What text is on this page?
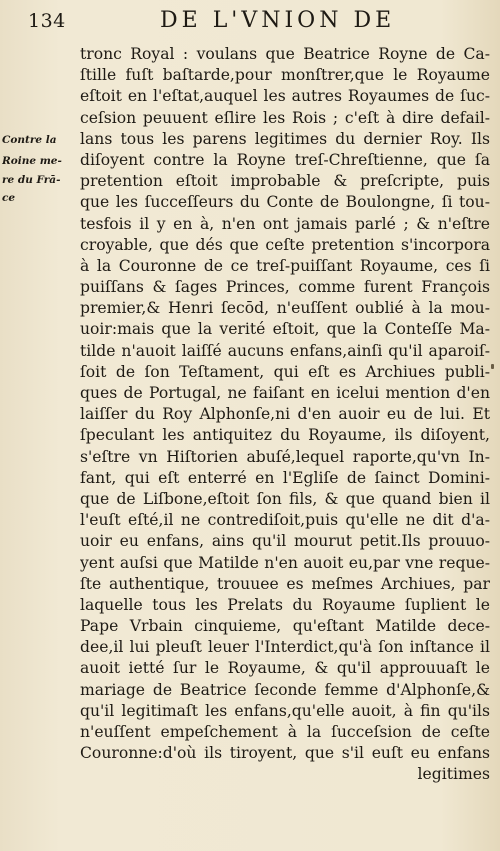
134	DE L'VNION DE
Contre la
Roine me-
re du Frā-
ce
tronc Royal : voulans que Beatrice Royne de Ca-
ſtille fuſt baſtarde,pour monſtrer,que le Royaume
eſtoit en l'eſtat,auquel les autres Royaumes de ſuc-
ceſsion peuuent eſlire les Rois ; c'eſt à dire defail-
lans tous les parens legitimes du dernier Roy. Ils
diſoyent contre la Royne treſ-Chreſtienne, que ſa
pretention eſtoit improbable & preſcripte, puis
que les ſucceſſeurs du Conte de Boulongne, ſi tou-
tesfois il y en à, n'en ont jamais parlé ; & n'eſtre
croyable, que dés que ceſte pretention s'incorpora
à la Couronne de ce treſ-puiſſant Royaume, ces ſi
puiſſans & ſages Princes, comme furent François
premier,& Henri ſecōd, n'euſſent oublié à la mou-
uoir:mais que la verité eſtoit, que la Conteſſe Ma-
tilde n'auoit laiſſé aucuns enfans,ainſi qu'il aparoiſ-
ſoit de ſon Teſtament, qui eſt es Archiues publi-
ques de Portugal, ne faiſant en icelui mention d'en
laiſſer du Roy Alphonſe,ni d'en auoir eu de lui. Et
ſpeculant les antiquitez du Royaume, ils diſoyent,
s'eſtre vn Hiſtorien abuſé,lequel raporte,qu'vn In-
fant, qui eſt enterré en l'Egliſe de ſainct Domini-
que de Liſbone,eſtoit ſon fils, & que quand bien il
l'euſt eſté,il ne contrediſoit,puis qu'elle ne dit d'a-
uoir eu enfans, ains qu'il mourut petit.Ils prouuo-
yent auſsi que Matilde n'en auoit eu,par vne reque-
ſte authentique, trouuee es meſmes Archiues, par
laquelle tous les Prelats du Royaume ſuplient le
Pape Vrbain cinquieme, qu'eſtant Matilde dece-
dee,il lui pleuſt leuer l'Interdict,qu'à ſon inſtance il
auoit ietté ſur le Royaume, & qu'il approuuaſt le
mariage de Beatrice ſeconde femme d'Alphonſe,&
qu'il legitimaſt les enfans,qu'elle auoit, à fin qu'ils
n'euſſent empeſchement à la ſucceſsion de ceſte
Couronne:d'où ils tiroyent, que s'il euſt eu enfans
legitimes
